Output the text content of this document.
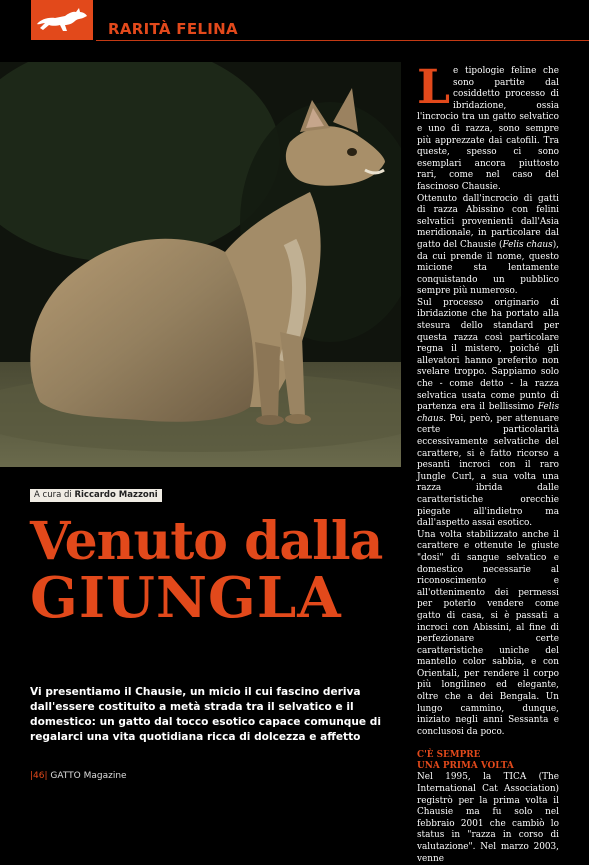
RARITÀ FELINA
A cura di Riccardo Mazzoni
Venuto dalla
GIUNGLA
Vi presentiamo il Chausie, un micio il cui fascino deriva dall'essere costituito a metà strada tra il selvatico e il domestico: un gatto dal tocco esotico capace comunque di regalarci una vita quotidiana ricca di dolcezza e affetto
|46| GATTO Magazine

Le tipologie feline che sono partite dal cosiddetto processo di ibridazione, ossia l'incrocio tra un gatto selvatico e uno di razza, sono sempre più apprezzate dai catofili. Tra queste, spesso ci sono esemplari ancora piuttosto rari, come nel caso del fascinoso Chausie.

Ottenuto dall'incrocio di gatti di razza Abissino con felini selvatici provenienti dall'Asia meridionale, in particolare dal gatto del Chausie (Felis chaus), da cui prende il nome, questo micione sta lentamente conquistando un pubblico sempre più numeroso.

Sul processo originario di ibridazione che ha portato alla stesura dello standard per questa razza così particolare regna il mistero, poiché gli allevatori hanno preferito non svelare troppo. Sappiamo solo che - come detto - la razza selvatica usata come punto di partenza era il bellissimo Felis chaus. Poi, però, per attenuare certe particolarità eccessivamente selvatiche del carattere, si è fatto ricorso a pesanti incroci con il raro Jungle Curl, a sua volta una razza ibrida dalle caratteristiche orecchie piegate all'indietro ma dall'aspetto assai esotico.

Una volta stabilizzato anche il carattere e ottenute le giuste "dosi" di sangue selvatico e domestico necessarie al riconoscimento e all'ottenimento dei permessi per poterlo vendere come gatto di casa, si è passati a incroci con Abissini, al fine di perfezionare certe caratteristiche uniche del mantello color sabbia, e con Orientali, per rendere il corpo più longilineo ed elegante, oltre che a dei Bengala. Un lungo cammino, dunque, iniziato negli anni Sessanta e conclusosi da poco.

C'È SEMPRE
UNA PRIMA VOLTA

Nel 1995, la TICA (The International Cat Association) registrò per la prima volta il Chausie ma fu solo nel febbraio 2001 che cambiò lo status in "razza in corso di valutazione". Nel marzo 2003, venne
